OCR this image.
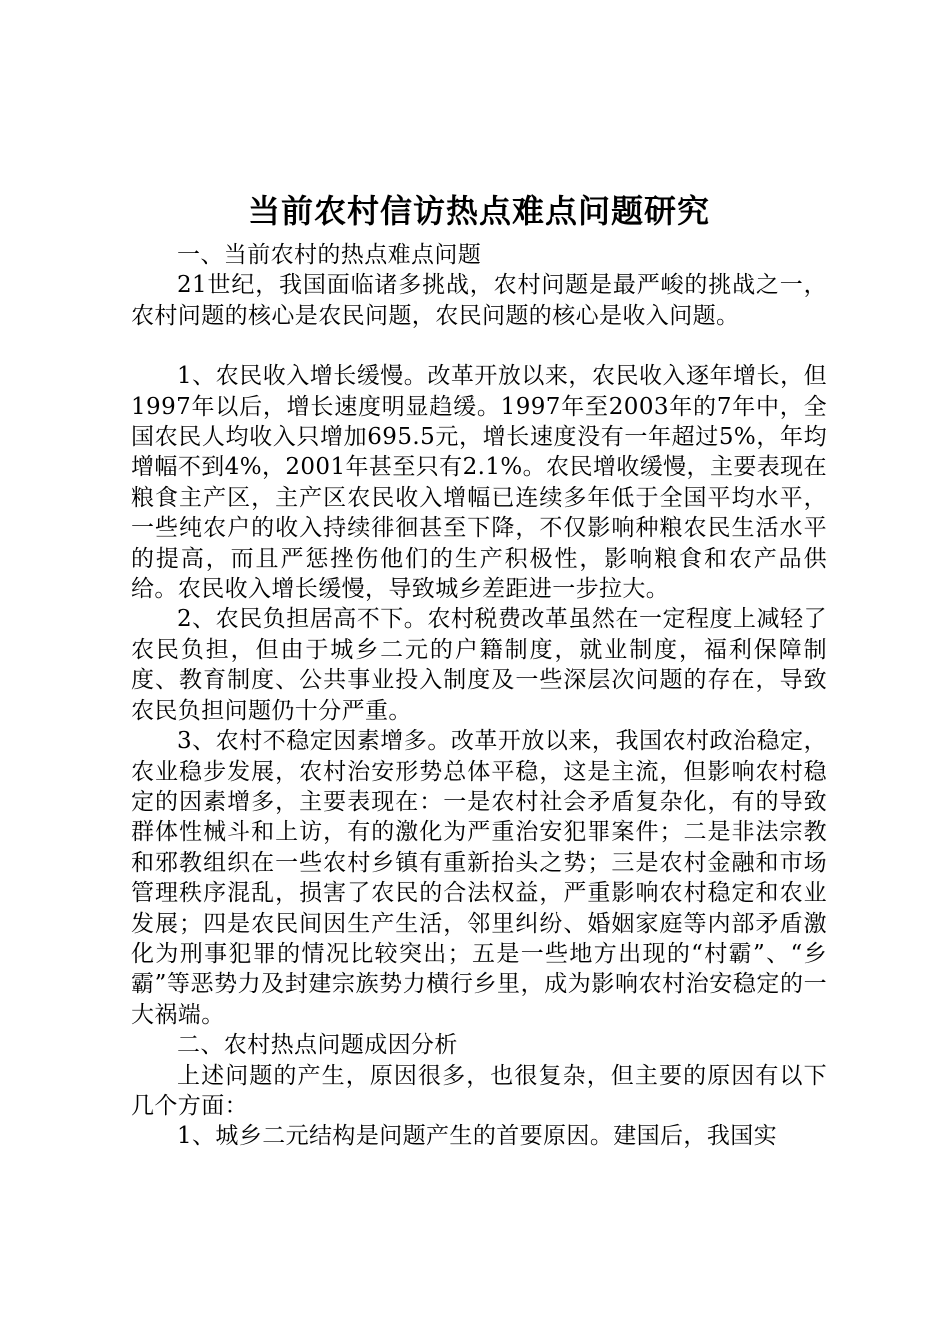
当前农村信访热点难点问题研究

一、当前农村的热点难点问题

21世纪，我国面临诸多挑战，农村问题是最严峻的挑战之一，农村问题的核心是农民问题，农民问题的核心是收入问题。

1、农民收入增长缓慢。改革开放以来，农民收入逐年增长，但1997年以后，增长速度明显趋缓。1997年至2003年的7年中，全国农民人均收入只增加695.5元，增长速度没有一年超过5%，年均增幅不到4%，2001年甚至只有2.1%。农民增收缓慢，主要表现在粮食主产区，主产区农民收入增幅已连续多年低于全国平均水平，一些纯农户的收入持续徘徊甚至下降，不仅影响种粮农民生活水平的提高，而且严惩挫伤他们的生产积极性，影响粮食和农产品供给。农民收入增长缓慢，导致城乡差距进一步拉大。

2、农民负担居高不下。农村税费改革虽然在一定程度上减轻了农民负担，但由于城乡二元的户籍制度，就业制度，福利保障制度、教育制度、公共事业投入制度及一些深层次问题的存在，导致农民负担问题仍十分严重。

3、农村不稳定因素增多。改革开放以来，我国农村政治稳定，农业稳步发展，农村治安形势总体平稳，这是主流，但影响农村稳定的因素增多，主要表现在：一是农村社会矛盾复杂化，有的导致群体性械斗和上访，有的激化为严重治安犯罪案件；二是非法宗教和邪教组织在一些农村乡镇有重新抬头之势；三是农村金融和市场管理秩序混乱，损害了农民的合法权益，严重影响农村稳定和农业发展；四是农民间因生产生活，邻里纠纷、婚姻家庭等内部矛盾激化为刑事犯罪的情况比较突出；五是一些地方出现的“村霸”、“乡霸”等恶势力及封建宗族势力横行乡里，成为影响农村治安稳定的一大祸端。

二、农村热点问题成因分析

上述问题的产生，原因很多，也很复杂，但主要的原因有以下几个方面：

1、城乡二元结构是问题产生的首要原因。建国后，我国实
